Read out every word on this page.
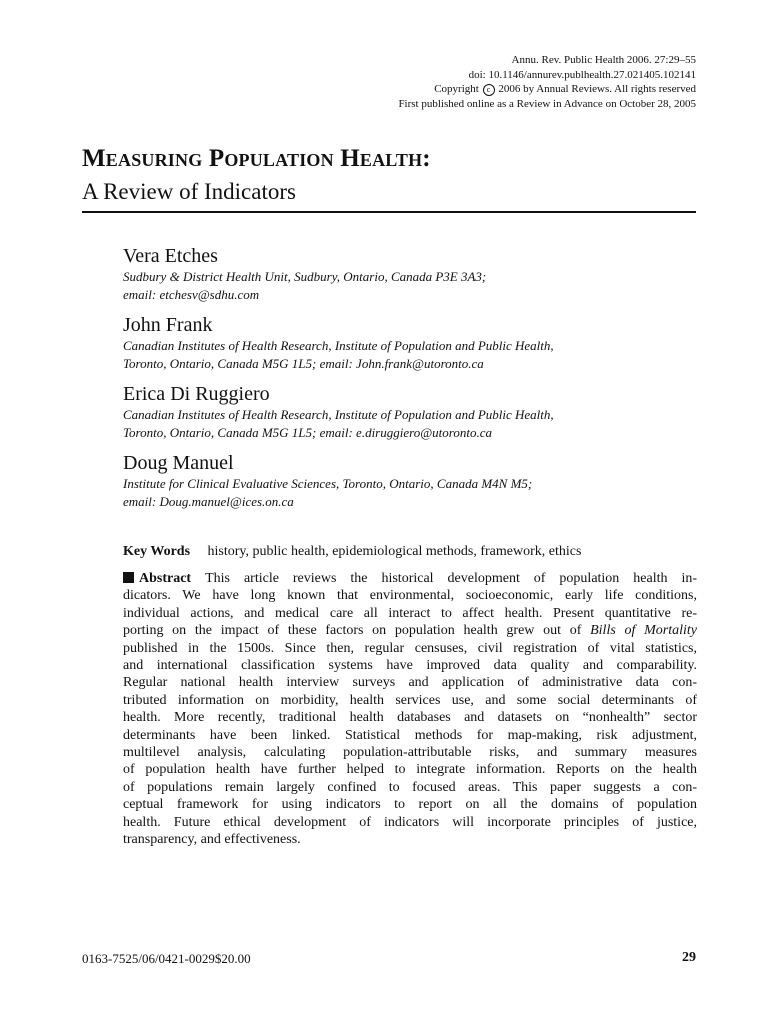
Annu. Rev. Public Health 2006. 27:29–55
doi: 10.1146/annurev.publhealth.27.021405.102141
Copyright c 2006 by Annual Reviews. All rights reserved
First published online as a Review in Advance on October 28, 2005
Measuring Population Health:
A Review of Indicators
Vera Etches
Sudbury & District Health Unit, Sudbury, Ontario, Canada P3E 3A3;
email: etchesv@sdhu.com
John Frank
Canadian Institutes of Health Research, Institute of Population and Public Health,
Toronto, Ontario, Canada M5G 1L5; email: John.frank@utoronto.ca
Erica Di Ruggiero
Canadian Institutes of Health Research, Institute of Population and Public Health,
Toronto, Ontario, Canada M5G 1L5; email: e.diruggiero@utoronto.ca
Doug Manuel
Institute for Clinical Evaluative Sciences, Toronto, Ontario, Canada M4N M5;
email: Doug.manuel@ices.on.ca
Key Words history, public health, epidemiological methods, framework, ethics
Abstract This article reviews the historical development of population health in-
dicators. We have long known that environmental, socioeconomic, early life conditions,
individual actions, and medical care all interact to affect health. Present quantitative re-
porting on the impact of these factors on population health grew out of Bills of Mortality
published in the 1500s. Since then, regular censuses, civil registration of vital statistics,
and international classification systems have improved data quality and comparability.
Regular national health interview surveys and application of administrative data con-
tributed information on morbidity, health services use, and some social determinants of
health. More recently, traditional health databases and datasets on “nonhealth” sector
determinants have been linked. Statistical methods for map-making, risk adjustment,
multilevel analysis, calculating population-attributable risks, and summary measures
of population health have further helped to integrate information. Reports on the health
of populations remain largely confined to focused areas. This paper suggests a con-
ceptual framework for using indicators to report on all the domains of population
health. Future ethical development of indicators will incorporate principles of justice,
transparency, and effectiveness.
0163-7525/06/0421-0029$20.00	29
